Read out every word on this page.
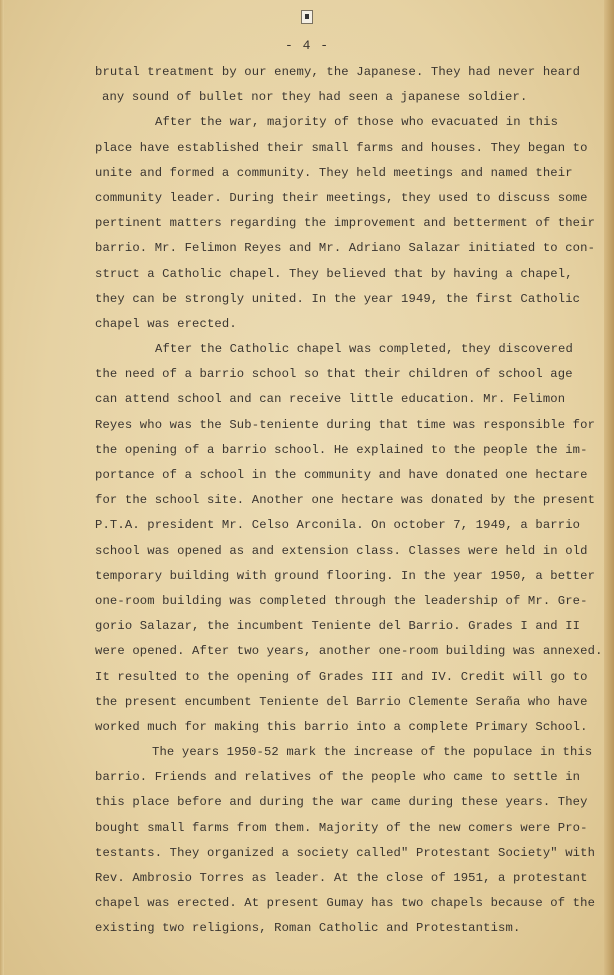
- 4 -
brutal treatment by our enemy, the Japanese. They had never heard
any sound of bullet nor they had seen a japanese soldier.
After the war, majority of those who evacuated in this
place have established their small farms and houses. They began to
unite and formed a community. They held meetings and named their
community leader. During their meetings, they used to discuss some
pertinent matters regarding the improvement and betterment of their
barrio. Mr. Felimon Reyes and Mr. Adriano Salazar initiated to con-
struct a Catholic chapel. They believed that by having a chapel,
they can be strongly united. In the year 1949, the first Catholic
chapel was erected.
After the Catholic chapel was completed, they discovered
the need of a barrio school so that their children of school age
can attend school and can receive little education. Mr. Felimon
Reyes who was the Sub-teniente during that time was responsible for
the opening of a barrio school. He explained to the people the im-
portance of a school in the community and have donated one hectare
for the school site. Another one hectare was donated by the present
P.T.A. president Mr. Celso Arconila. On october 7, 1949, a barrio
school was opened as and extension class. Classes were held in old
temporary building with ground flooring. In the year 1950, a better
one-room building was completed through the leadership of Mr. Gre-
gorio Salazar, the incumbent Teniente del Barrio. Grades I and II
were opened. After two years, another one-room building was annexed.
It resulted to the opening of Grades III and IV. Credit will go to
the present encumbent Teniente del Barrio Clemente Seraña who have
worked much for making this barrio into a complete Primary School.
The years 1950-52 mark the increase of the populace in this
barrio. Friends and relatives of the people who came to settle in
this place before and during the war came during these years. They
bought small farms from them. Majority of the new comers were Pro-
testants. They organized a society called" Protestant Society" with
Rev. Ambrosio Torres as leader. At the close of 1951, a protestant
chapel was erected. At present Gumay has two chapels because of the
existing two religions, Roman Catholic and Protestantism.
